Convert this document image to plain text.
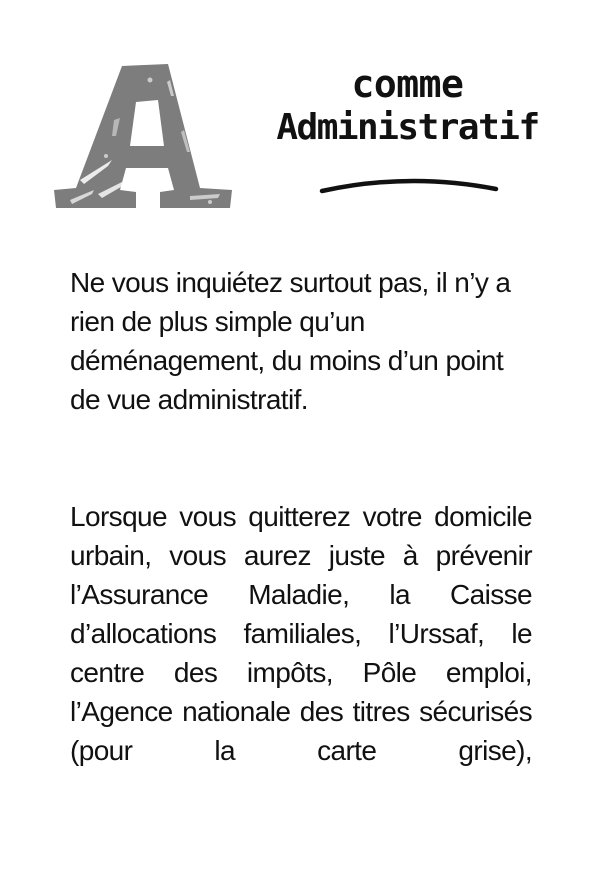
comme
Administratif

Ne vous inquiétez surtout pas, il n’y a rien de plus simple qu’un déménagement, du moins d’un point de vue administratif.

Lorsque vous quitterez votre domicile urbain, vous aurez juste à prévenir l’Assurance Maladie, la Caisse d’allocations familiales, l’Urssaf, le centre des impôts, Pôle emploi, l’Agence nationale des titres sécurisés (pour la carte grise),
